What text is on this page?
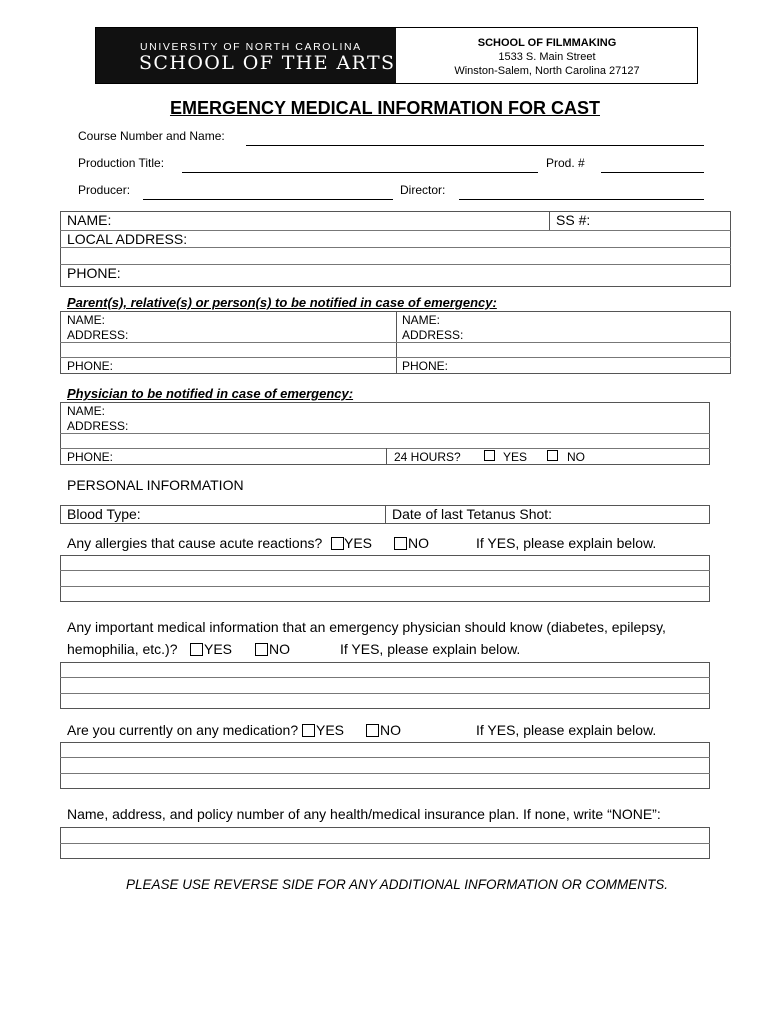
UNIVERSITY OF NORTH CAROLINA
SCHOOL OF THE ARTS
SCHOOL OF FILMMAKING
1533 S. Main Street
Winston-Salem, North Carolina 27127
EMERGENCY MEDICAL INFORMATION FOR CAST
Course Number and Name:
Production Title:	Prod. #
Producer:	Director:
NAME:	SS #:
LOCAL ADDRESS:
PHONE:
Parent(s), relative(s) or person(s) to be notified in case of emergency:
NAME:
ADDRESS:
PHONE:
NAME:
ADDRESS:
PHONE:
Physician to be notified in case of emergency:
NAME:
ADDRESS:
PHONE:	24 HOURS?	YES	NO
PERSONAL INFORMATION
Blood Type:	Date of last Tetanus Shot:
Any allergies that cause acute reactions? YES	NO	If YES, please explain below.
Any important medical information that an emergency physician should know (diabetes, epilepsy,
hemophilia, etc.)? YES	NO	If YES, please explain below.
Are you currently on any medication? YES	NO	If YES, please explain below.
Name, address, and policy number of any health/medical insurance plan. If none, write “NONE”:
PLEASE USE REVERSE SIDE FOR ANY ADDITIONAL INFORMATION OR COMMENTS.
